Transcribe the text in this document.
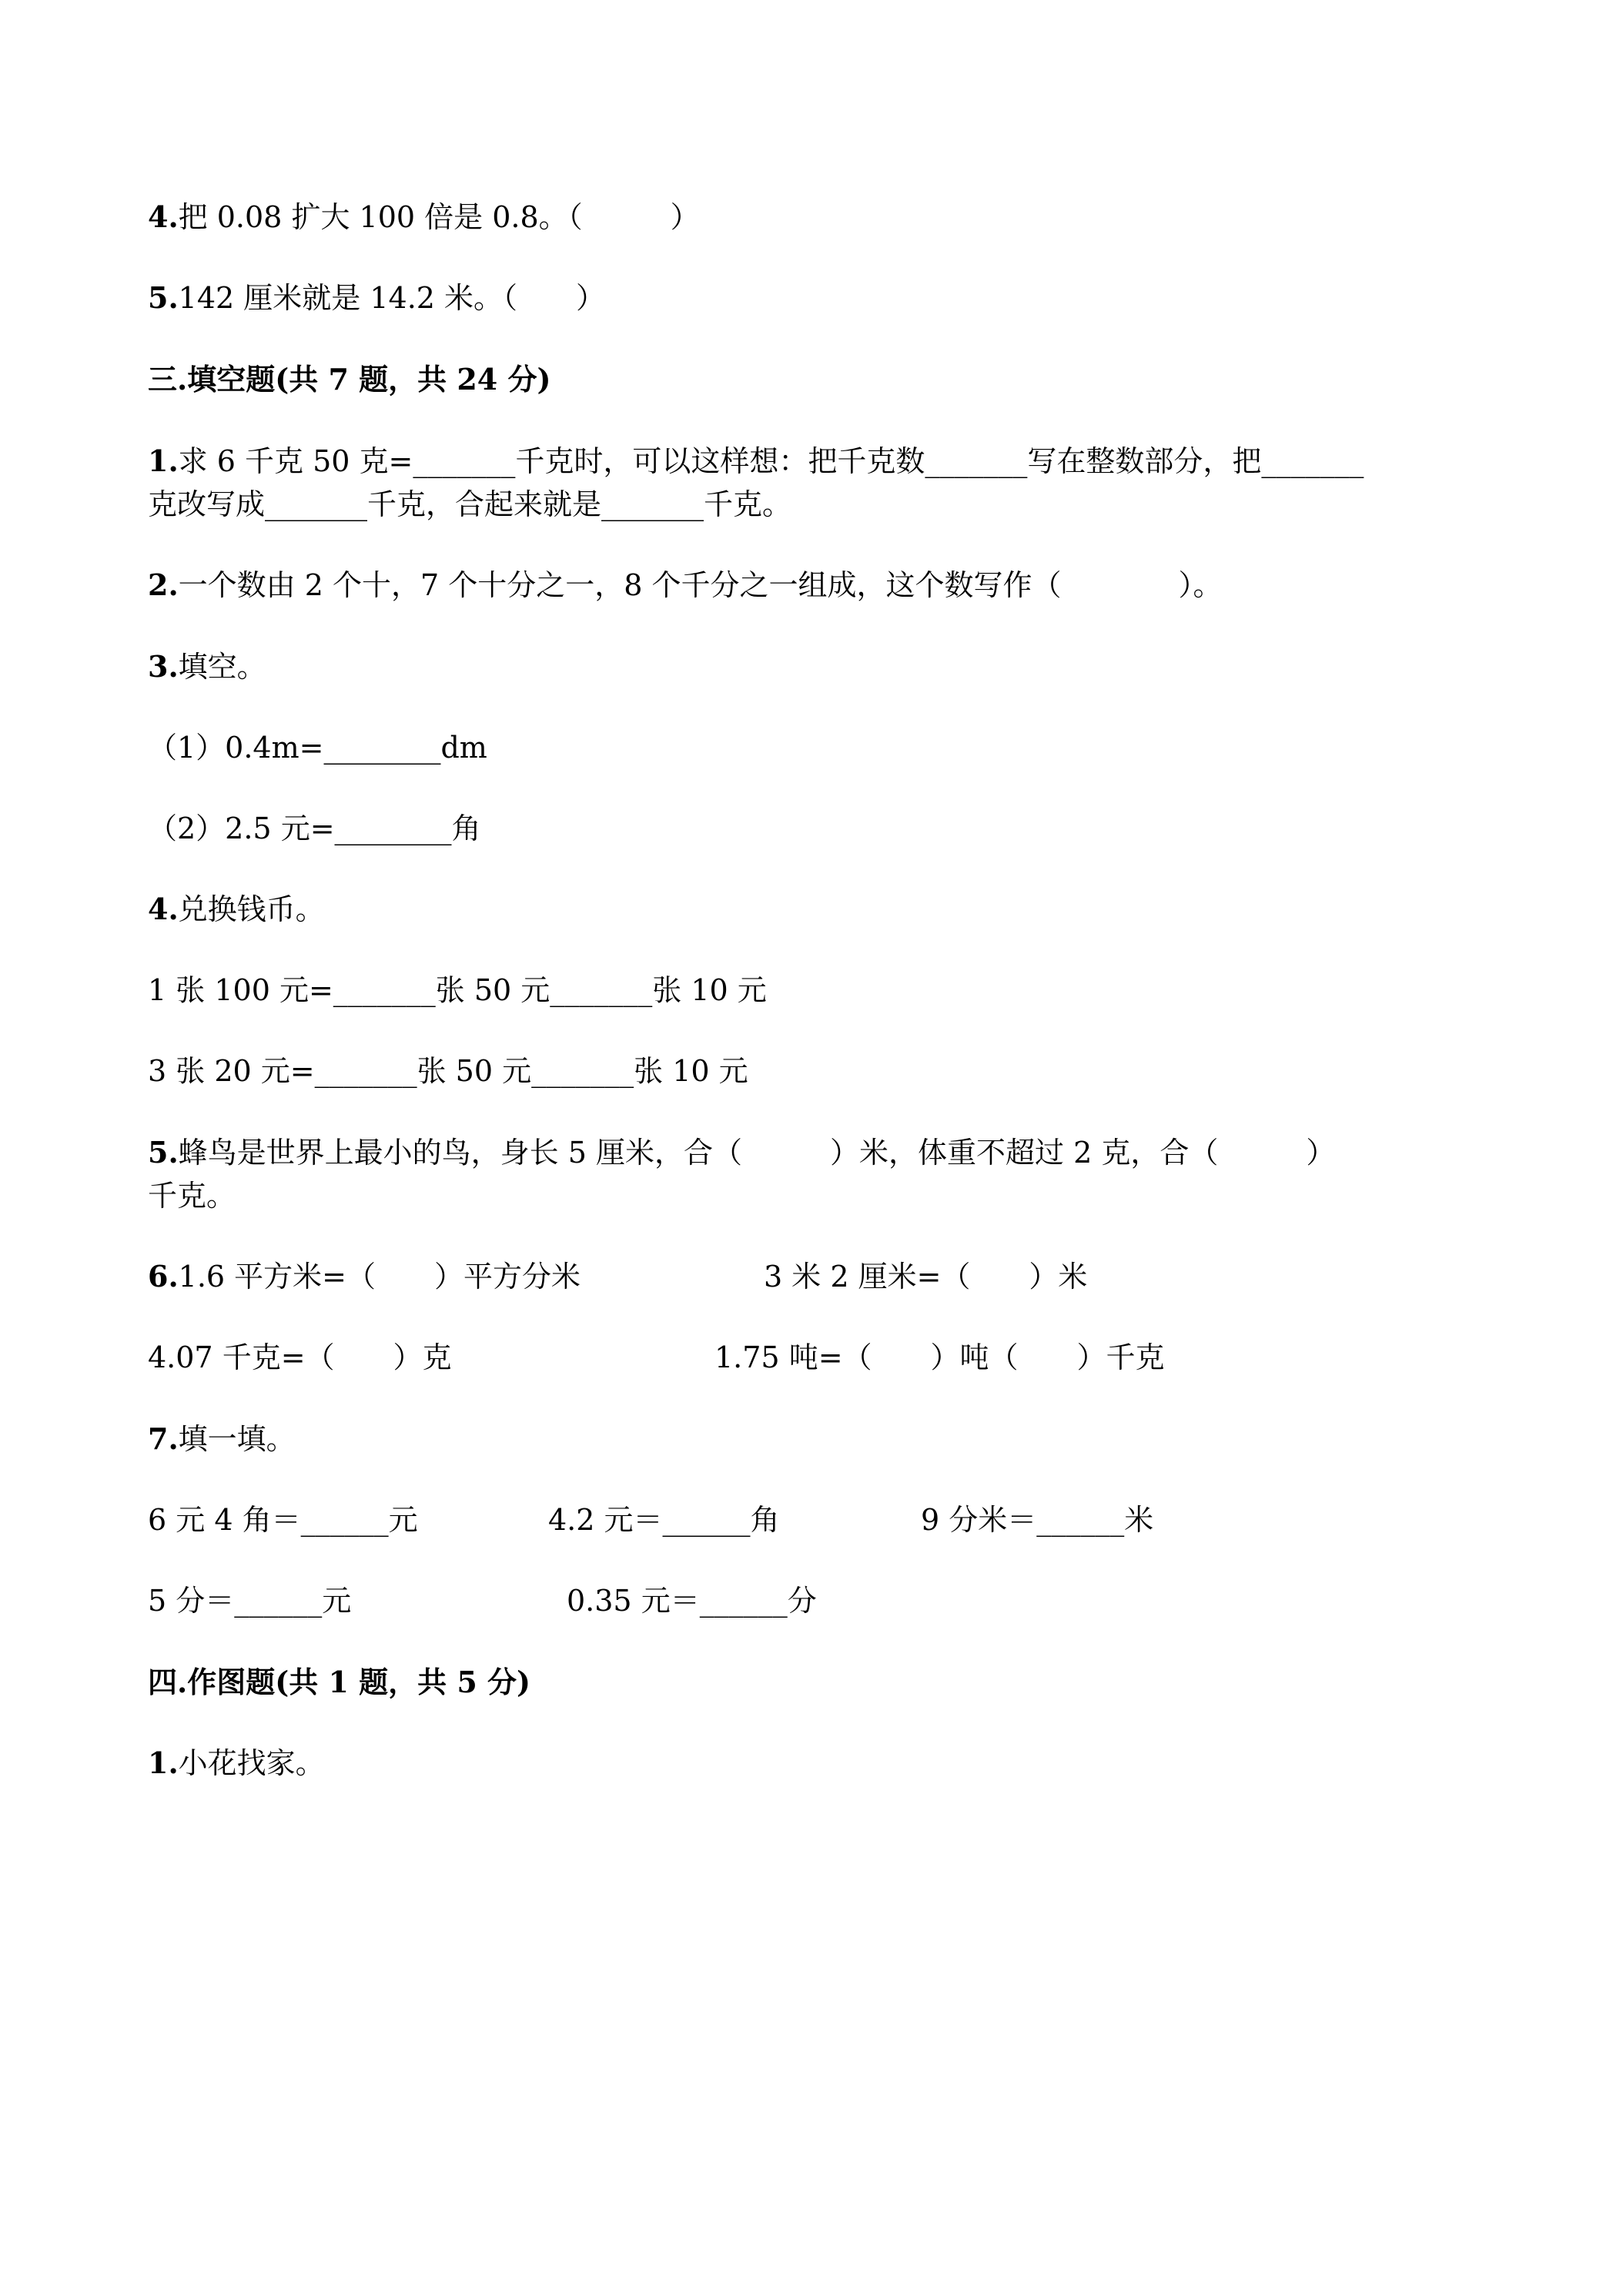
4.把 0.08 扩大 100 倍是 0.8。（　　　）
5.142 厘米就是 14.2 米。（　　）
三.填空题(共 7 题，共 24 分)
1.求 6 千克 50 克=_______千克时，可以这样想：把千克数_______写在整数部分，把_______
克改写成_______千克，合起来就是_______千克。
2.一个数由 2 个十，7 个十分之一，8 个千分之一组成，这个数写作（　　　　）。
3.填空。
（1）0.4m=________dm
（2）2.5 元=________角
4.兑换钱币。
1 张 100 元=_______张 50 元_______张 10 元
3 张 20 元=_______张 50 元_______张 10 元
5.蜂鸟是世界上最小的鸟，身长 5 厘米，合（　　　）米，体重不超过 2 克，合（　　　）
千克。
6.1.6 平方米=（　　）平方分米	3 米 2 厘米=（　　）米
4.07 千克=（　　）克	1.75 吨=（　　）吨（　　）千克
7.填一填。
6 元 4 角＝______元	4.2 元＝______角	9 分米＝______米
5 分＝______元	0.35 元＝______分
四.作图题(共 1 题，共 5 分)
1.小花找家。
